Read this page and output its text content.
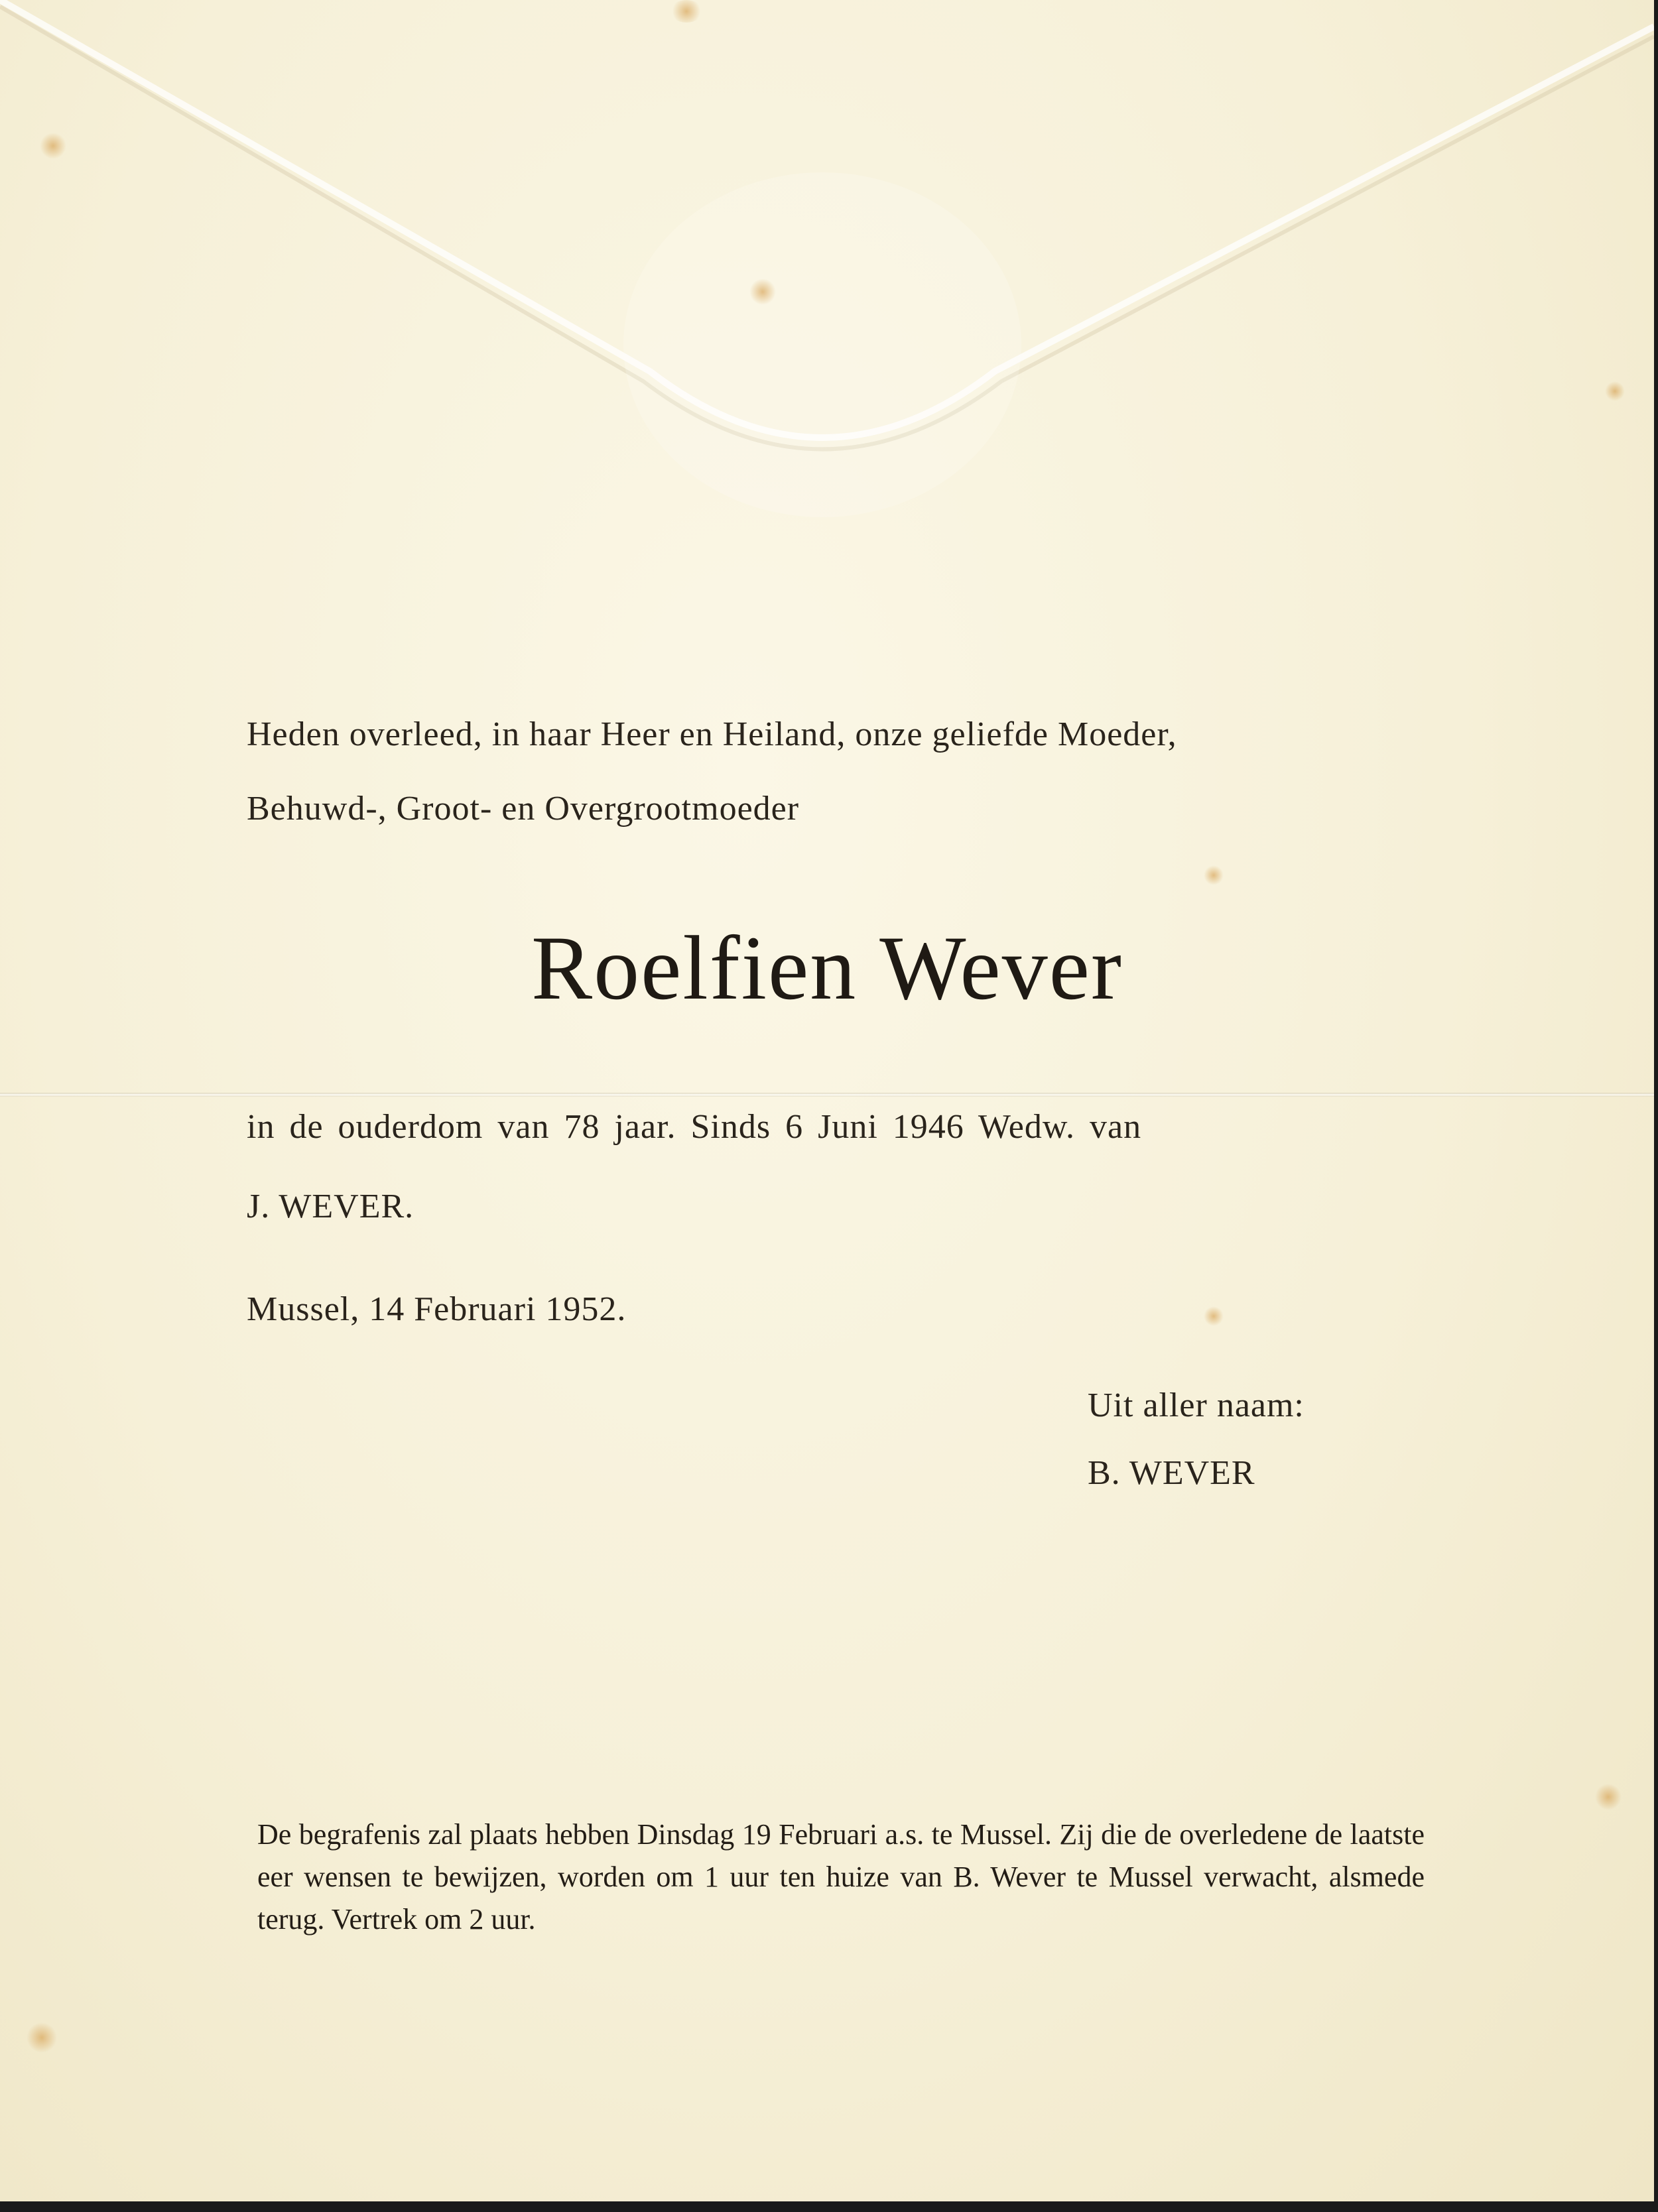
Heden overleed, in haar Heer en Heiland, onze geliefde Moeder,
Behuwd-, Groot- en Overgrootmoeder
Roelfien Wever
in de ouderdom van 78 jaar. Sinds 6 Juni 1946 Wedw. van
J. WEVER.
Mussel, 14 Februari 1952.
Uit aller naam:
B. WEVER
De begrafenis zal plaats hebben Dinsdag 19 Februari a.s. te Mussel. Zij die de overledene de laatste eer wensen te bewijzen, worden om 1 uur ten huize van B. Wever te Mussel verwacht, alsmede terug. Vertrek om 2 uur.
